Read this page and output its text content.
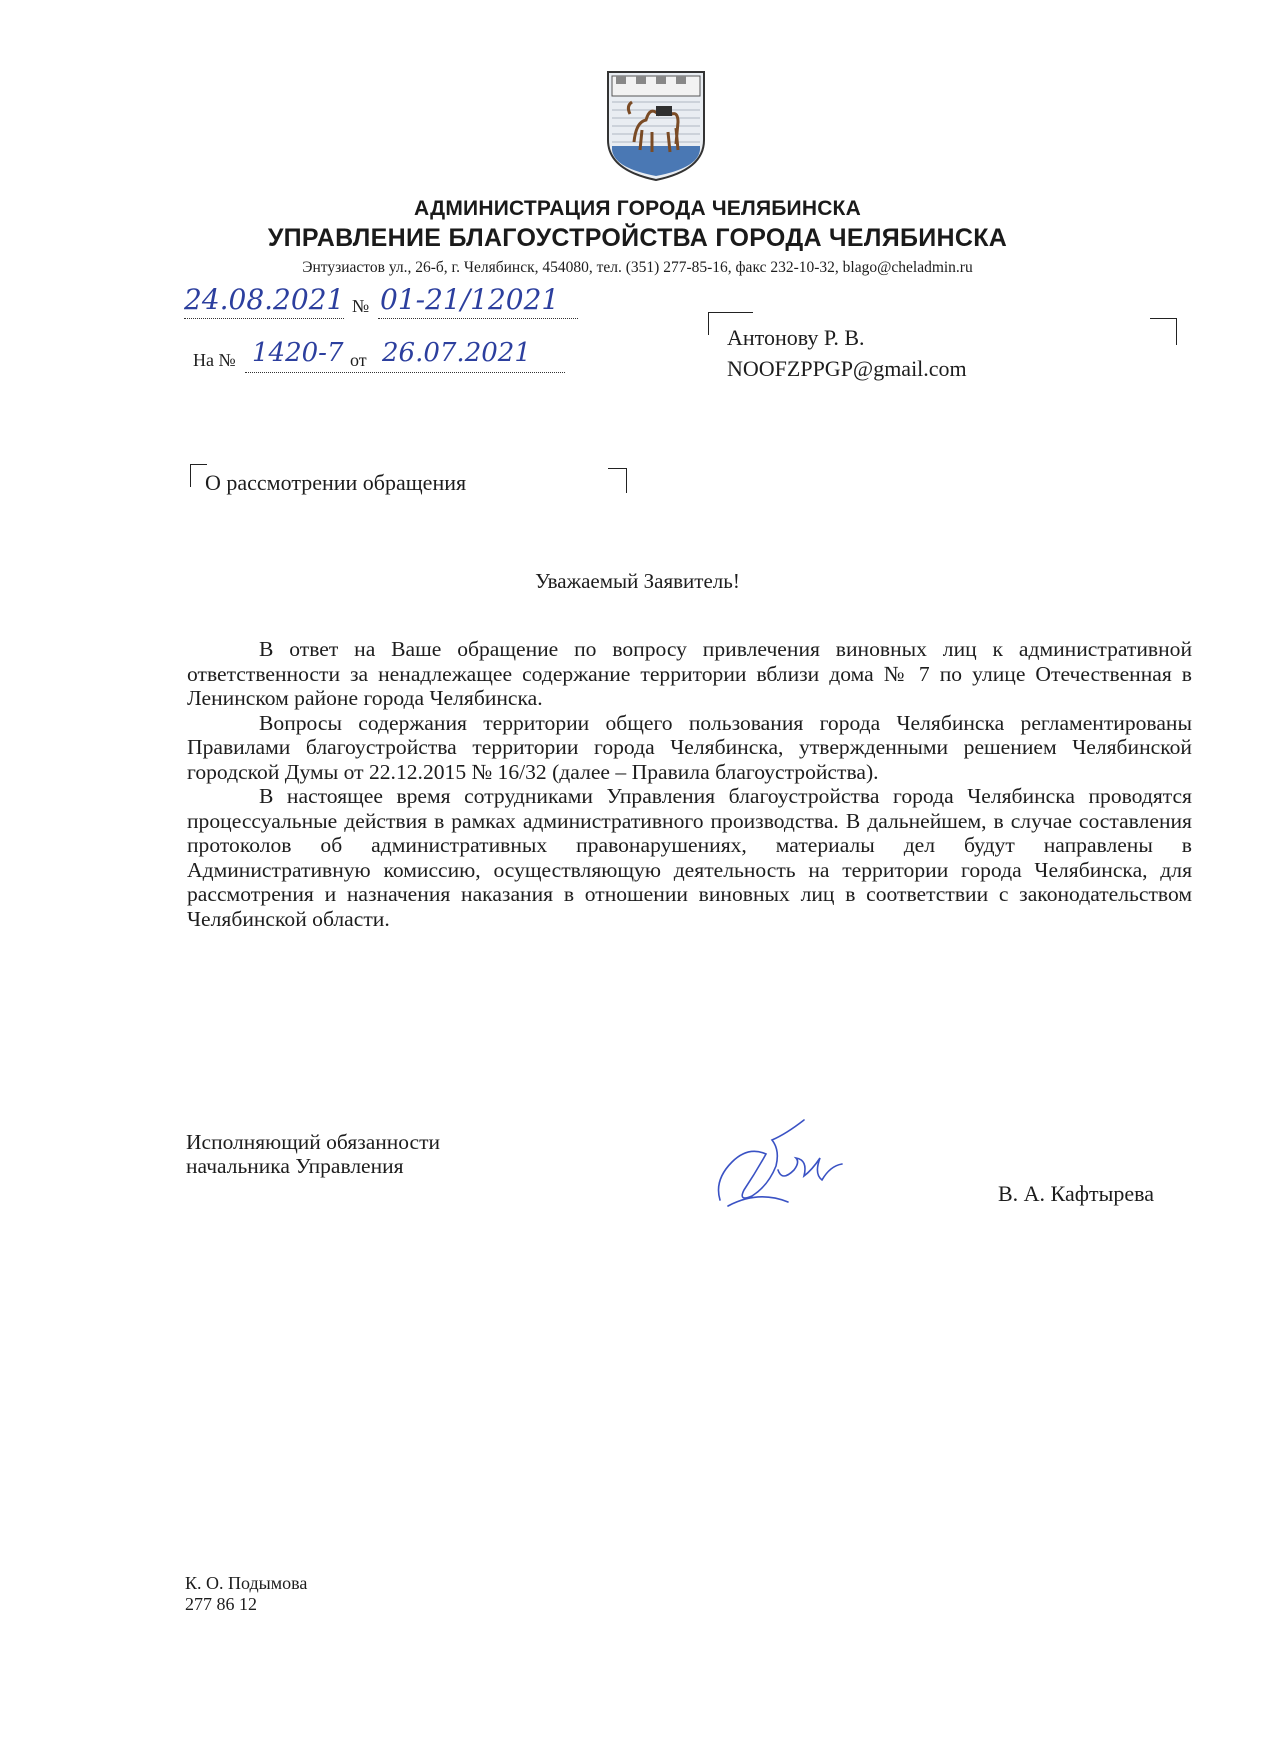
АДМИНИСТРАЦИЯ ГОРОДА ЧЕЛЯБИНСКА
УПРАВЛЕНИЕ БЛАГОУСТРОЙСТВА ГОРОДА ЧЕЛЯБИНСКА
Энтузиастов ул., 26-б, г. Челябинск, 454080, тел. (351) 277-85-16, факс 232-10-32, blago@cheladmin.ru
24.08.2021 № 01-21/12021
На № 1420-7 от 26.07.2021
Антонову Р. В.
NOOFZPPGP@gmail.com
О рассмотрении обращения
Уважаемый Заявитель!

В ответ на Ваше обращение по вопросу привлечения виновных лиц к административной ответственности за ненадлежащее содержание территории вблизи дома № 7 по улице Отечественная в Ленинском районе города Челябинска.

Вопросы содержания территории общего пользования города Челябинска регламентированы Правилами благоустройства территории города Челябинска, утвержденными решением Челябинской городской Думы от 22.12.2015 № 16/32 (далее – Правила благоустройства).

В настоящее время сотрудниками Управления благоустройства города Челябинска проводятся процессуальные действия в рамках административного производства. В дальнейшем, в случае составления протоколов об административных правонарушениях, материалы дел будут направлены в Административную комиссию, осуществляющую деятельность на территории города Челябинска, для рассмотрения и назначения наказания в отношении виновных лиц в соответствии с законодательством Челябинской области.

Исполняющий обязанности
начальника Управления
В. А. Кафтырева
К. О. Подымова
277 86 12
